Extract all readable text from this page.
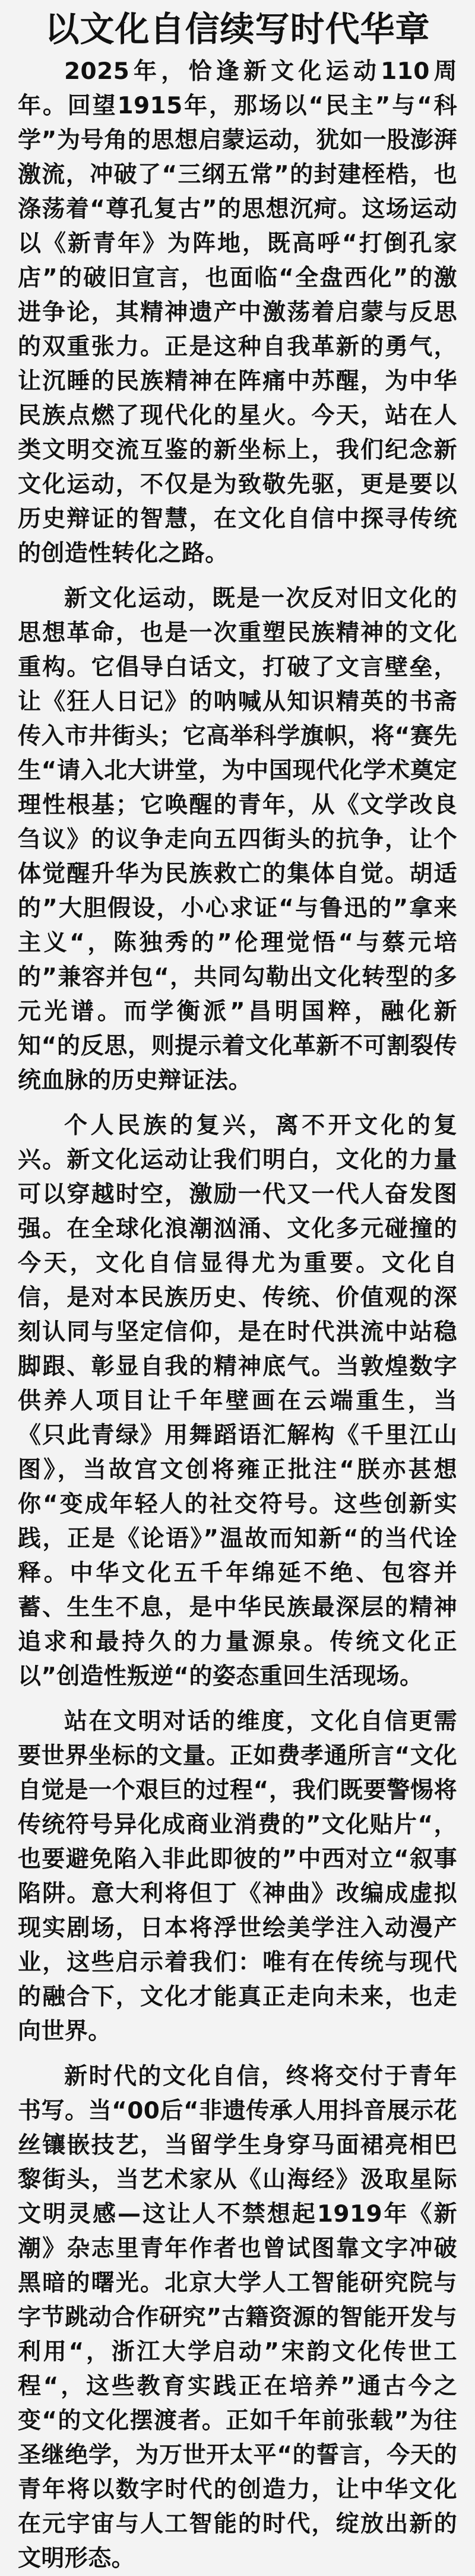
以文化自信续写时代华章

2025年，恰逢新文化运动110周年。回望1915年，那场以“民主”与“科学”为号角的思想启蒙运动，犹如一股澎湃激流，冲破了“三纲五常”的封建桎梏，也涤荡着“尊孔复古”的思想沉疴。这场运动以《新青年》为阵地，既高呼“打倒孔家店”的破旧宣言，也面临“全盘西化”的激进争论，其精神遗产中激荡着启蒙与反思的双重张力。正是这种自我革新的勇气，让沉睡的民族精神在阵痛中苏醒，为中华民族点燃了现代化的星火。今天，站在人类文明交流互鉴的新坐标上，我们纪念新文化运动，不仅是为致敬先驱，更是要以历史辩证的智慧，在文化自信中探寻传统的创造性转化之路。

新文化运动，既是一次反对旧文化的思想革命，也是一次重塑民族精神的文化重构。它倡导白话文，打破了文言壁垒，让《狂人日记》的呐喊从知识精英的书斋传入市井街头；它高举科学旗帜，将“赛先生“请入北大讲堂，为中国现代化学术奠定理性根基；它唤醒的青年，从《文学改良刍议》的议争走向五四街头的抗争，让个体觉醒升华为民族救亡的集体自觉。胡适的”大胆假设，小心求证“与鲁迅的”拿来主义“，陈独秀的”伦理觉悟“与蔡元培的”兼容并包“，共同勾勒出文化转型的多元光谱。而学衡派”昌明国粹，融化新知“的反思，则提示着文化革新不可割裂传统血脉的历史辩证法。

个人民族的复兴，离不开文化的复兴。新文化运动让我们明白，文化的力量可以穿越时空，激励一代又一代人奋发图强。在全球化浪潮汹涌、文化多元碰撞的今天，文化自信显得尤为重要。文化自信，是对本民族历史、传统、价值观的深刻认同与坚定信仰，是在时代洪流中站稳脚跟、彰显自我的精神底气。当敦煌数字供养人项目让千年壁画在云端重生，当《只此青绿》用舞蹈语汇解构《千里江山图》，当故宫文创将雍正批注“朕亦甚想你“变成年轻人的社交符号。这些创新实践，正是《论语》”温故而知新“的当代诠释。中华文化五千年绵延不绝、包容并蓄、生生不息，是中华民族最深层的精神追求和最持久的力量源泉。传统文化正以”创造性叛逆“的姿态重回生活现场。

站在文明对话的维度，文化自信更需要世界坐标的文量。正如费孝通所言“文化自觉是一个艰巨的过程“，我们既要警惕将传统符号异化成商业消费的”文化贴片“，也要避免陷入非此即彼的”中西对立“叙事陷阱。意大利将但丁《神曲》改编成虚拟现实剧场，日本将浮世绘美学注入动漫产业，这些启示着我们：唯有在传统与现代的融合下，文化才能真正走向未来，也走向世界。

新时代的文化自信，终将交付于青年书写。当“00后“非遗传承人用抖音展示花丝镶嵌技艺，当留学生身穿马面裙亮相巴黎街头，当艺术家从《山海经》汲取星际文明灵感—这让人不禁想起1919年《新潮》杂志里青年作者也曾试图靠文字冲破黑暗的曙光。北京大学人工智能研究院与字节跳动合作研究”古籍资源的智能开发与利用“，浙江大学启动”宋韵文化传世工程“，这些教育实践正在培养”通古今之变“的文化摆渡者。正如千年前张载”为往圣继绝学，为万世开太平“的誓言，今天的青年将以数字时代的创造力，让中华文化在元宇宙与人工智能的时代，绽放出新的文明形态。
